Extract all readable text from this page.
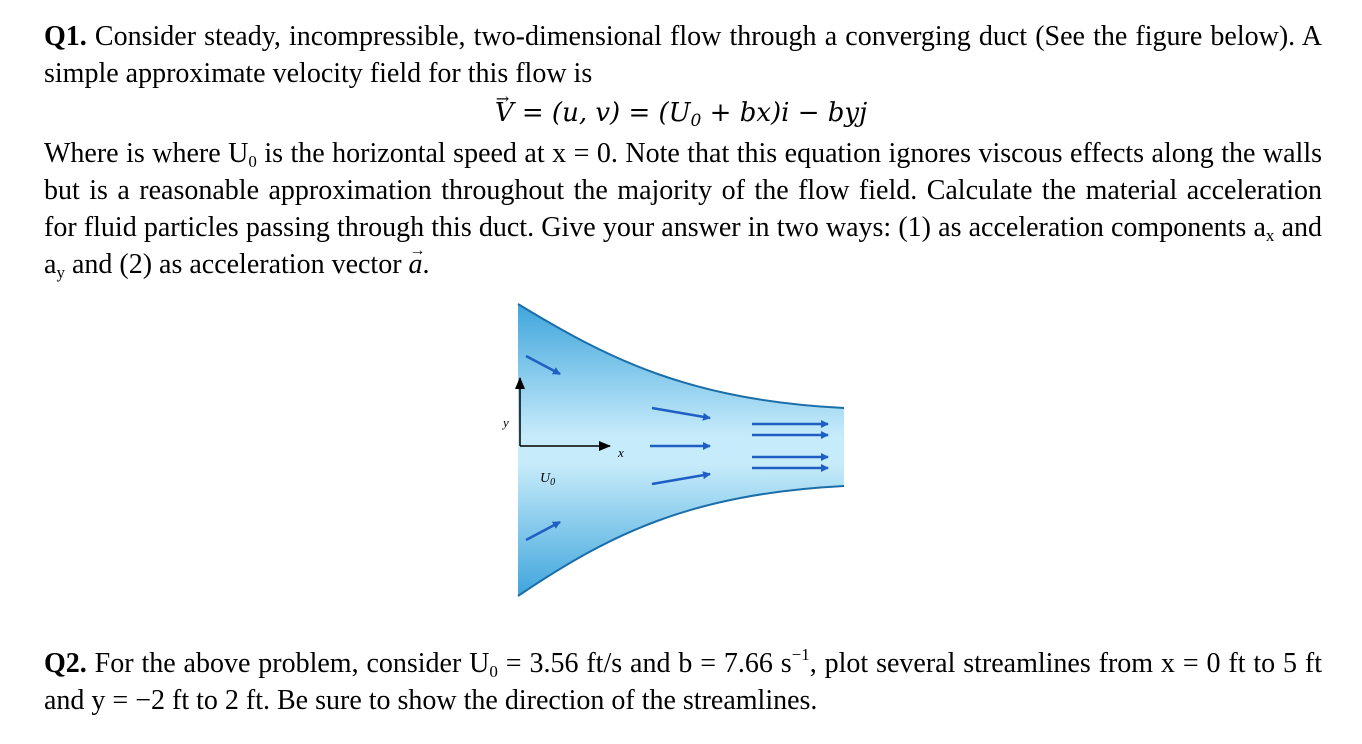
Q1. Consider steady, incompressible, two-dimensional flow through a converging duct (See the figure below). A simple approximate velocity field for this flow is
→ V = (u, $v) = (U_0 + bx)i$ − byj
Where is where $U_0$ is the horizontal speed at x = 0. Note that this equation ignores viscous effects along the walls but is a reasonable approximation throughout the majority of the flow field. Calculate the material acceleration for fluid particles passing through this duct. Give your answer in two ways: (1) as acceleration components $a_x$ and $a_y$ and (2) as acceleration vector → a.
y
x
$U_0$
Q2. For the above problem, consider $U_0 = 3.56$ ft/s and b = 7.66 $s^{-1}$, plot several streamlines from x = 0 ft to 5 ft and y = −2 ft to 2 ft. Be sure to show the direction of the streamlines.
